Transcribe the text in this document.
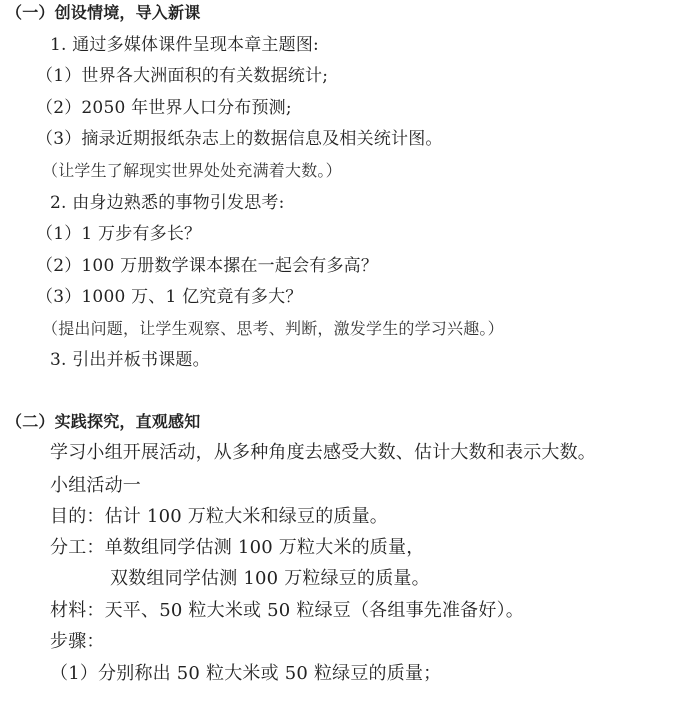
（一）创设情境，导入新课
1. 通过多媒体课件呈现本章主题图:
（1）世界各大洲面积的有关数据统计;
（2）2050 年世界人口分布预测;
（3）摘录近期报纸杂志上的数据信息及相关统计图。
（让学生了解现实世界处处充满着大数。）
2. 由身边熟悉的事物引发思考:
（1）1 万步有多长？
（2）100 万册数学课本摞在一起会有多高？
（3）1000 万、1 亿究竟有多大？
（提出问题，让学生观察、思考、判断，激发学生的学习兴趣。）
3. 引出并板书课题。
（二）实践探究，直观感知
学习小组开展活动，从多种角度去感受大数、估计大数和表示大数。
小组活动一
目的：估计 100 万粒大米和绿豆的质量。
分工：单数组同学估测 100 万粒大米的质量，
双数组同学估测 100 万粒绿豆的质量。
材料：天平、50 粒大米或 50 粒绿豆（各组事先准备好）。
步骤：
（1）分别称出 50 粒大米或 50 粒绿豆的质量；
